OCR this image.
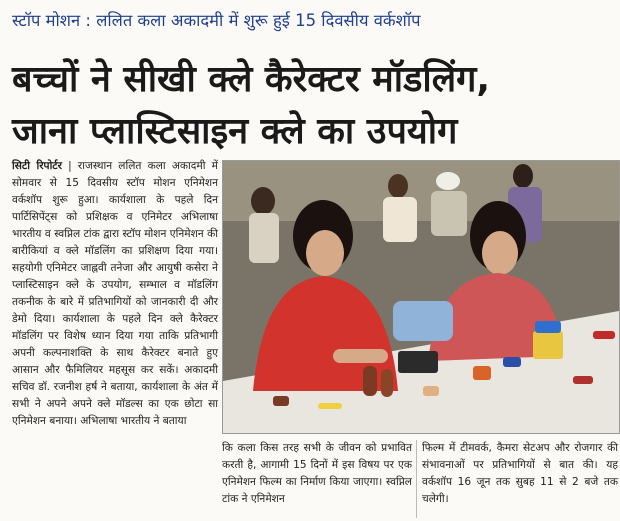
स्टॉप मोशन : ललित कला अकादमी में शुरू हुई 15 दिवसीय वर्कशॉप
बच्चों ने सीखी क्ले कैरेक्टर मॉडलिंग,
जाना प्लास्टिसाइन क्ले का उपयोग

सिटी रिपोर्टर | राजस्थान ललित कला अकादमी में सोमवार से 15 दिवसीय स्टॉप मोशन एनिमेशन वर्कशॉप शुरू हुआ। कार्यशाला के पहले दिन पार्टिसिपेंट्स को प्रशिक्षक व एनिमेटर अभिलाषा भारतीय व स्वप्निल टांक द्वारा स्टॉप मोशन एनिमेशन की बारीकियां व क्ले मॉडलिंग का प्रशिक्षण दिया गया। सहयोगी एनिमेटर जाह्नवी तनेजा और आयुषी कसेरा ने प्लास्टिसाइन क्ले के उपयोग, सम्भाल व मॉडलिंग तकनीक के बारे में प्रतिभागियों को जानकारी दी और डेमो दिया। कार्यशाला के पहले दिन क्ले कैरेक्टर मॉडलिंग पर विशेष ध्यान दिया गया ताकि प्रतिभागी अपनी कल्पनाशक्ति के साथ कैरेक्टर बनाते हुए आसान और फैमिलियर महसूस कर सकें। अकादमी सचिव डॉ. रजनीश हर्ष ने बताया, कार्यशाला के अंत में सभी ने अपने अपने क्ले मॉडल्स का एक छोटा सा एनिमेशन बनाया। अभिलाषा भारतीय ने बताया

कि कला किस तरह सभी के जीवन को प्रभावित करती है, आगामी 15 दिनों में इस विषय पर एक एनिमेशन फिल्म का निर्माण किया जाएगा। स्वप्निल टांक ने एनिमेशन

फिल्म में टीमवर्क, कैमरा सेटअप और रोजगार की संभावनाओं पर प्रतिभागियों से बात की। यह वर्कशॉप 16 जून तक सुबह 11 से 2 बजे तक चलेगी।
